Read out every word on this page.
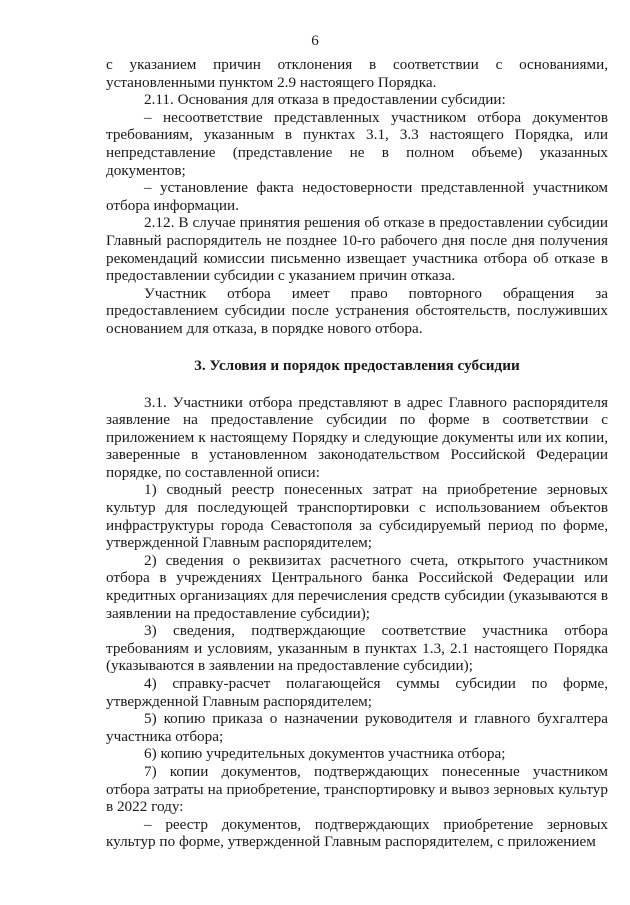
6

с указанием причин отклонения в соответствии с основаниями, установленными пунктом 2.9 настоящего Порядка.

2.11. Основания для отказа в предоставлении субсидии:

– несоответствие представленных участником отбора документов требованиям, указанным в пунктах 3.1, 3.3 настоящего Порядка, или непредставление (представление не в полном объеме) указанных документов;

– установление факта недостоверности представленной участником отбора информации.

2.12. В случае принятия решения об отказе в предоставлении субсидии Главный распорядитель не позднее 10-го рабочего дня после дня получения рекомендаций комиссии письменно извещает участника отбора об отказе в предоставлении субсидии с указанием причин отказа.

Участник отбора имеет право повторного обращения за предоставлением субсидии после устранения обстоятельств, послуживших основанием для отказа, в порядке нового отбора.

3. Условия и порядок предоставления субсидии

3.1. Участники отбора представляют в адрес Главного распорядителя заявление на предоставление субсидии по форме в соответствии с приложением к настоящему Порядку и следующие документы или их копии, заверенные в установленном законодательством Российской Федерации порядке, по составленной описи:

1) сводный реестр понесенных затрат на приобретение зерновых культур для последующей транспортировки с использованием объектов инфраструктуры города Севастополя за субсидируемый период по форме, утвержденной Главным распорядителем;

2) сведения о реквизитах расчетного счета, открытого участником отбора в учреждениях Центрального банка Российской Федерации или кредитных организациях для перечисления средств субсидии (указываются в заявлении на предоставление субсидии);

3) сведения, подтверждающие соответствие участника отбора требованиям и условиям, указанным в пунктах 1.3, 2.1 настоящего Порядка (указываются в заявлении на предоставление субсидии);

4) справку-расчет полагающейся суммы субсидии по форме, утвержденной Главным распорядителем;

5) копию приказа о назначении руководителя и главного бухгалтера участника отбора;

6) копию учредительных документов участника отбора;

7) копии документов, подтверждающих понесенные участником отбора затраты на приобретение, транспортировку и вывоз зерновых культур в 2022 году:

– реестр документов, подтверждающих приобретение зерновых культур по форме, утвержденной Главным распорядителем, с приложением
